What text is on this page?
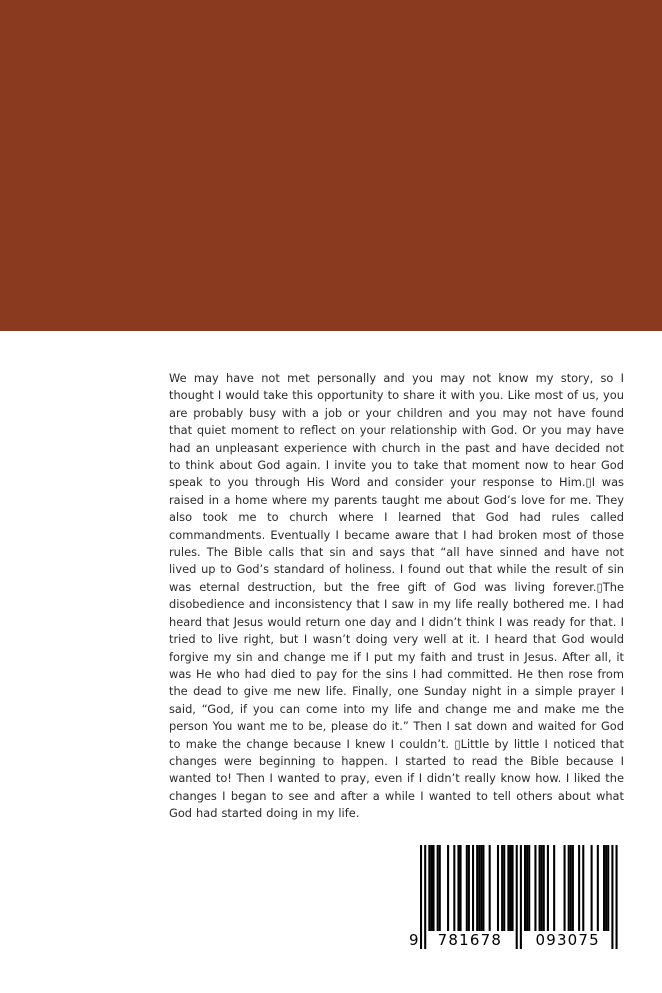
We may have not met personally and you may not know my story, so I thought I would take this opportunity to share it with you. Like most of us, you are probably busy with a job or your children and you may not have found that quiet moment to reflect on your relationship with God. Or you may have had an unpleasant experience with church in the past and have decided not to think about God again. I invite you to take that moment now to hear God speak to you through His Word and consider your response to Him.▯I was raised in a home where my parents taught me about God’s love for me. They also took me to church where I learned that God had rules called commandments. Eventually I became aware that I had broken most of those rules. The Bible calls that sin and says that “all have sinned and have not lived up to God’s standard of holiness. I found out that while the result of sin was eternal destruction, but the free gift of God was living forever.▯The disobedience and inconsistency that I saw in my life really bothered me. I had heard that Jesus would return one day and I didn’t think I was ready for that. I tried to live right, but I wasn’t doing very well at it. I heard that God would forgive my sin and change me if I put my faith and trust in Jesus. After all, it was He who had died to pay for the sins I had committed. He then rose from the dead to give me new life. Finally, one Sunday night in a simple prayer I said, “God, if you can come into my life and change me and make me the person You want me to be, please do it.” Then I sat down and waited for God to make the change because I knew I couldn’t. ▯Little by little I noticed that changes were beginning to happen. I started to read the Bible because I wanted to! Then I wanted to pray, even if I didn’t really know how. I liked the changes I began to see and after a while I wanted to tell others about what God had started doing in my life.

9 781678 093075
